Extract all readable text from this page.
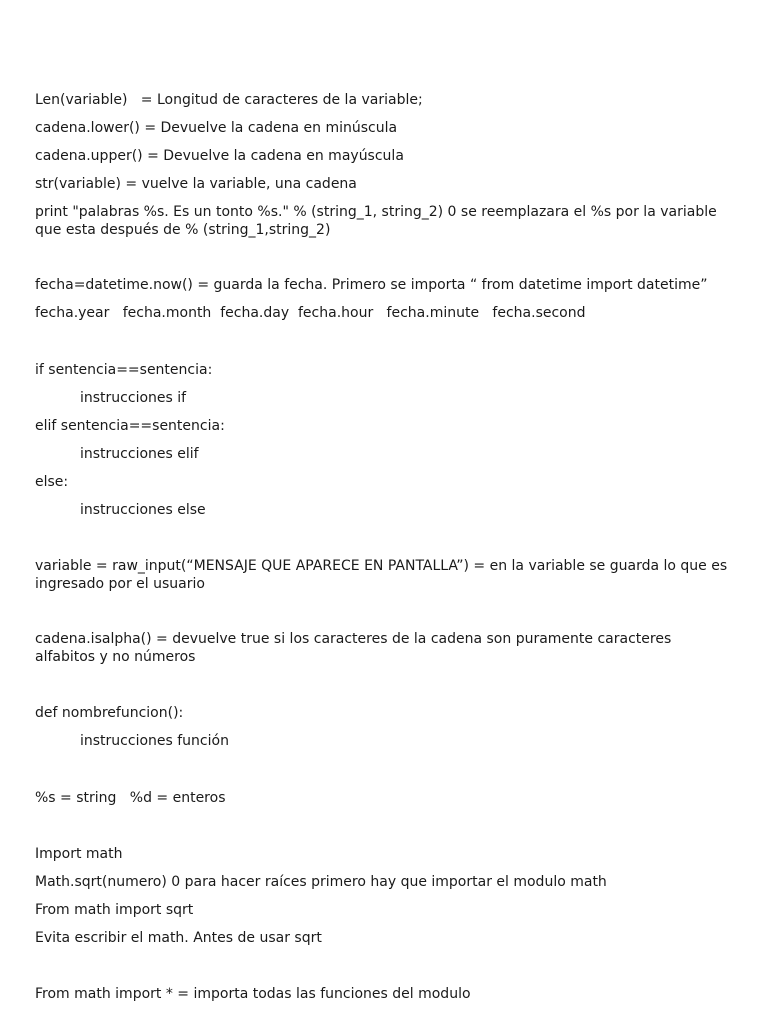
Len(variable)   = Longitud de caracteres de la variable;
cadena.lower() = Devuelve la cadena en minúscula
cadena.upper() = Devuelve la cadena en mayúscula
str(variable) = vuelve la variable, una cadena
print "palabras %s. Es un tonto %s." % (string_1, string_2) 0 se reemplazara el %s por la variable que esta después de % (string_1,string_2)
fecha=datetime.now() = guarda la fecha. Primero se importa “ from datetime import datetime”
fecha.year   fecha.month  fecha.day  fecha.hour   fecha.minute   fecha.second
if sentencia==sentencia:
instrucciones if
elif sentencia==sentencia:
instrucciones elif
else:
instrucciones else
variable = raw_input(“MENSAJE QUE APARECE EN PANTALLA”) = en la variable se guarda lo que es ingresado por el usuario
cadena.isalpha() = devuelve true si los caracteres de la cadena son puramente caracteres alfabitos y no números
def nombrefuncion():
instrucciones función
%s = string   %d = enteros
Import math
Math.sqrt(numero) 0 para hacer raíces primero hay que importar el modulo math
From math import sqrt
Evita escribir el math. Antes de usar sqrt
From math import * = importa todas las funciones del modulo
